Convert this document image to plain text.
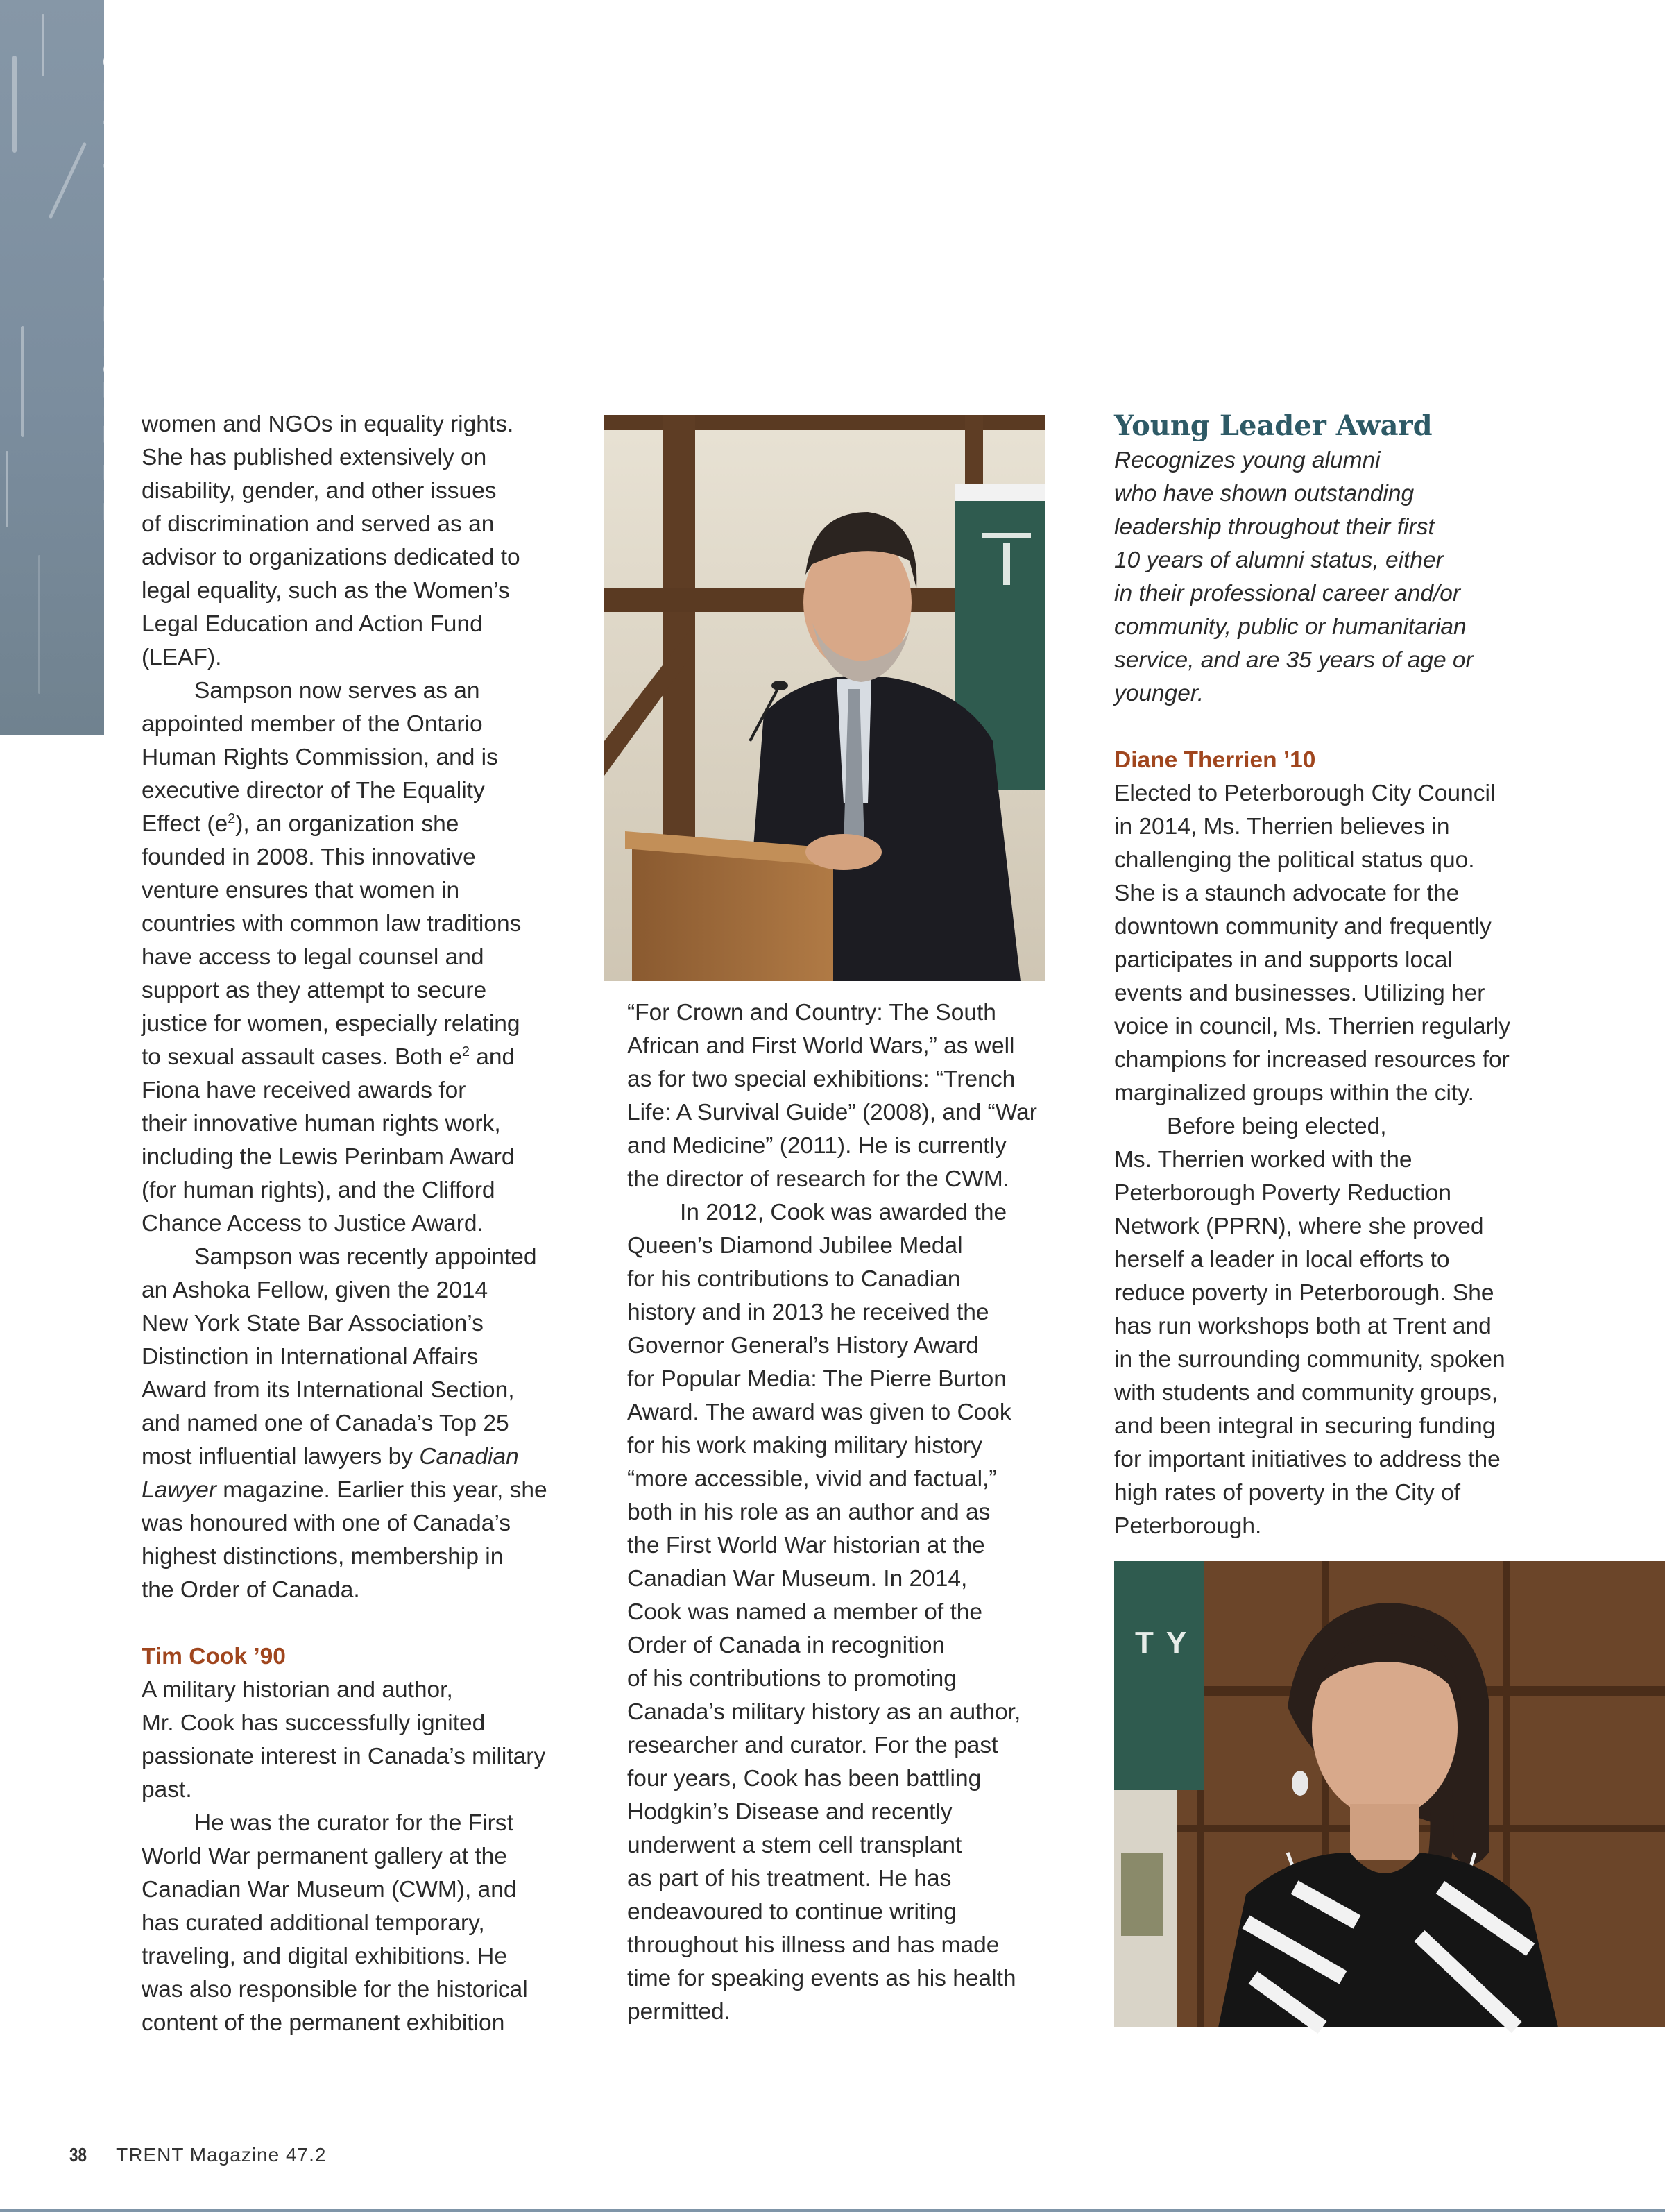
TRENT PEOPLE*ALUMNI AWARDS

women and NGOs in equality rights.
She has published extensively on
disability, gender, and other issues
of discrimination and served as an
advisor to organizations dedicated to
legal equality, such as the Women’s
Legal Education and Action Fund
(LEAF).

Sampson now serves as an
appointed member of the Ontario
Human Rights Commission, and is
executive director of The Equality
Effect $(e^2)$, an organization she
founded in 2008. This innovative
venture ensures that women in
countries with common law traditions
have access to legal counsel and
support as they attempt to secure
justice for women, especially relating
to sexual assault cases. Both $e^2$ and
Fiona have received awards for
their innovative human rights work,
including the Lewis Perinbam Award
(for human rights), and the Clifford
Chance Access to Justice Award.

Sampson was recently appointed
an Ashoka Fellow, given the 2014
New York State Bar Association’s
Distinction in International Affairs
Award from its International Section,
and named one of Canada’s Top 25
most influential lawyers by Canadian
Lawyer magazine. Earlier this year, she
was honoured with one of Canada’s
highest distinctions, membership in
the Order of Canada.

Tim Cook ’90

A military historian and author,
Mr. Cook has successfully ignited
passionate interest in Canada’s military
past.

He was the curator for the First
World War permanent gallery at the
Canadian War Museum (CWM), and
has curated additional temporary,
traveling, and digital exhibitions. He
was also responsible for the historical
content of the permanent exhibition

“For Crown and Country: The South
African and First World Wars,” as well
as for two special exhibitions: “Trench
Life: A Survival Guide” (2008), and “War
and Medicine” (2011). He is currently
the director of research for the CWM.

In 2012, Cook was awarded the
Queen’s Diamond Jubilee Medal
for his contributions to Canadian
history and in 2013 he received the
Governor General’s History Award
for Popular Media: The Pierre Burton
Award. The award was given to Cook
for his work making military history
“more accessible, vivid and factual,”
both in his role as an author and as
the First World War historian at the
Canadian War Museum. In 2014,
Cook was named a member of the
Order of Canada in recognition
of his contributions to promoting
Canada’s military history as an author,
researcher and curator. For the past
four years, Cook has been battling
Hodgkin’s Disease and recently
underwent a stem cell transplant
as part of his treatment. He has
endeavoured to continue writing
throughout his illness and has made
time for speaking events as his health
permitted.

Young Leader Award

Recognizes young alumni
who have shown outstanding
leadership throughout their first
10 years of alumni status, either
in their professional career and/or
community, public or humanitarian
service, and are 35 years of age or
younger.

Diane Therrien ’10

Elected to Peterborough City Council
in 2014, Ms. Therrien believes in
challenging the political status quo.
She is a staunch advocate for the
downtown community and frequently
participates in and supports local
events and businesses. Utilizing her
voice in council, Ms. Therrien regularly
champions for increased resources for
marginalized groups within the city.

Before being elected,
Ms. Therrien worked with the
Peterborough Poverty Reduction
Network (PPRN), where she proved
herself a leader in local efforts to
reduce poverty in Peterborough. She
has run workshops both at Trent and
in the surrounding community, spoken
with students and community groups,
and been integral in securing funding
for important initiatives to address the
high rates of poverty in the City of
Peterborough.

TY
38 TRENT Magazine 47.2
